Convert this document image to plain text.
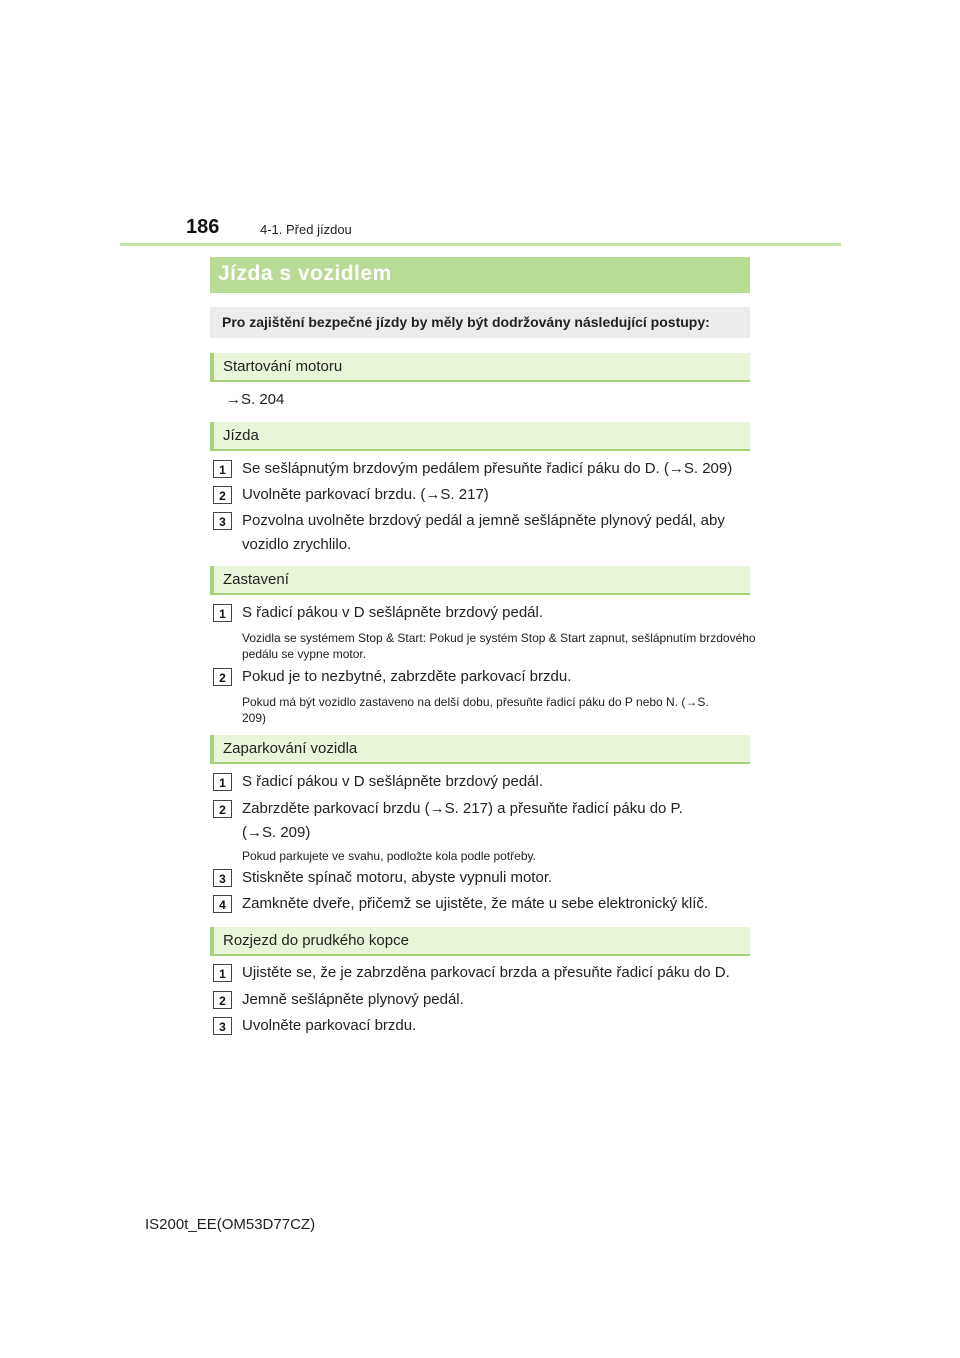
186	4-1. Před jízdou
Jízda s vozidlem
Pro zajištění bezpečné jízdy by měly být dodržovány následující postupy:
Startování motoru
→S. 204
Jízda
1	Se sešlápnutým brzdovým pedálem přesuňte řadicí páku do D. (→S. 209)
2	Uvolněte parkovací brzdu. (→S. 217)
3	Pozvolna uvolněte brzdový pedál a jemně sešlápněte plynový pedál, aby vozidlo zrychlilo.
Zastavení
1	S řadicí pákou v D sešlápněte brzdový pedál.
Vozidla se systémem Stop & Start: Pokud je systém Stop & Start zapnut, sešlápnutím brzdového pedálu se vypne motor.
2	Pokud je to nezbytné, zabrzděte parkovací brzdu.
Pokud má být vozidlo zastaveno na delší dobu, přesuňte řadicí páku do P nebo N. (→S. 209)
Zaparkování vozidla
1	S řadicí pákou v D sešlápněte brzdový pedál.
2	Zabrzděte parkovací brzdu (→S. 217) a přesuňte řadicí páku do P. (→S. 209)
Pokud parkujete ve svahu, podložte kola podle potřeby.
3	Stiskněte spínač motoru, abyste vypnuli motor.
4	Zamkněte dveře, přičemž se ujistěte, že máte u sebe elektronický klíč.
Rozjezd do prudkého kopce
1	Ujistěte se, že je zabrzděna parkovací brzda a přesuňte řadicí páku do D.
2	Jemně sešlápněte plynový pedál.
3	Uvolněte parkovací brzdu.
IS200t_EE(OM53D77CZ)
